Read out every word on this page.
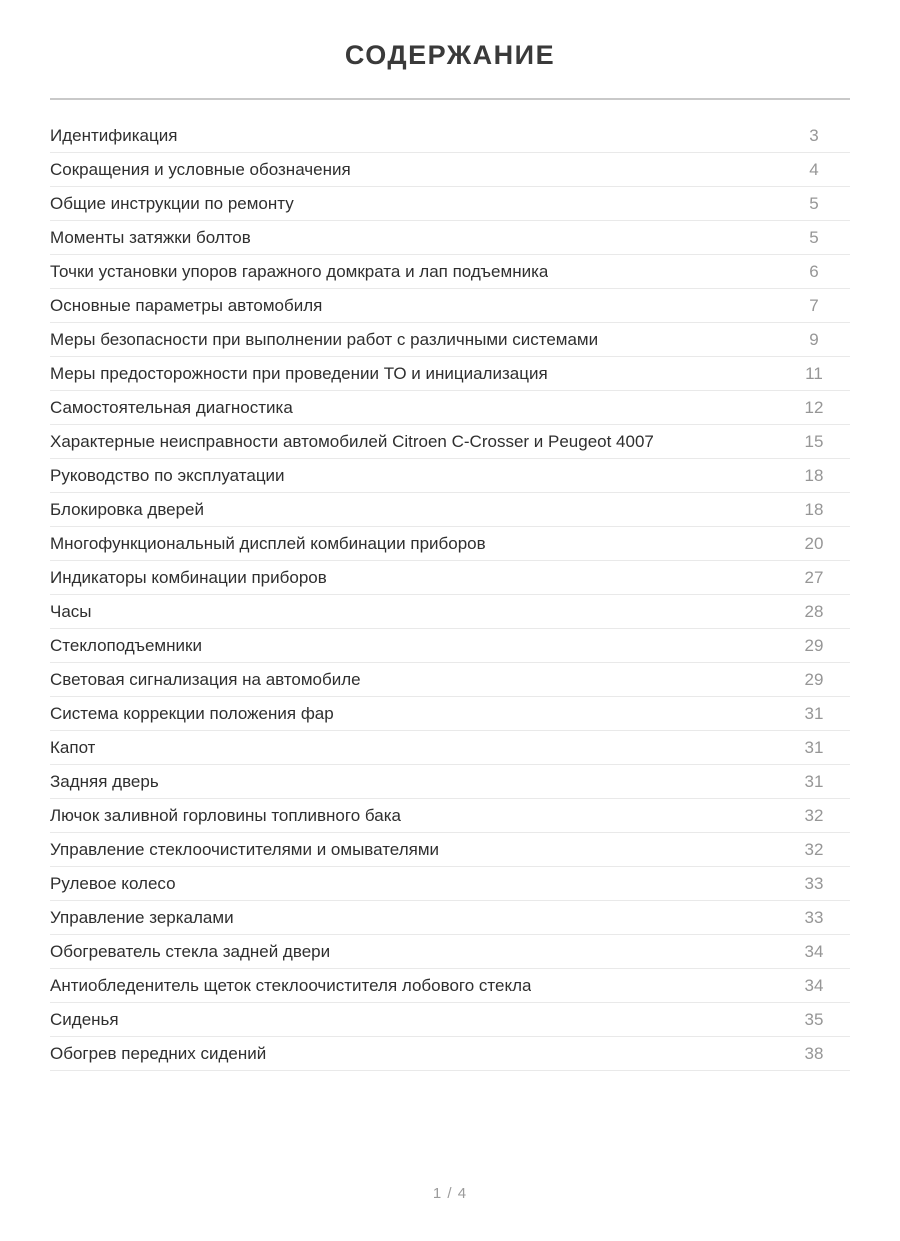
СОДЕРЖАНИЕ
Идентификация	3
Сокращения и условные обозначения	4
Общие инструкции по ремонту	5
Моменты затяжки болтов	5
Точки установки упоров гаражного домкрата и лап подъемника	6
Основные параметры автомобиля	7
Меры безопасности при выполнении работ с различными системами	9
Меры предосторожности при проведении ТО и инициализация	11
Самостоятельная диагностика	12
Характерные неисправности автомобилей Citroen C-Crosser и Peugeot 4007	15
Руководство по эксплуатации	18
Блокировка дверей	18
Многофункциональный дисплей комбинации приборов	20
Индикаторы комбинации приборов	27
Часы	28
Стеклоподъемники	29
Световая сигнализация на автомобиле	29
Система коррекции положения фар	31
Капот	31
Задняя дверь	31
Лючок заливной горловины топливного бака	32
Управление стеклоочистителями и омывателями	32
Рулевое колесо	33
Управление зеркалами	33
Обогреватель стекла задней двери	34
Антиобледенитель щеток стеклоочистителя лобового стекла	34
Сиденья	35
Обогрев передних сидений	38
1 / 4
